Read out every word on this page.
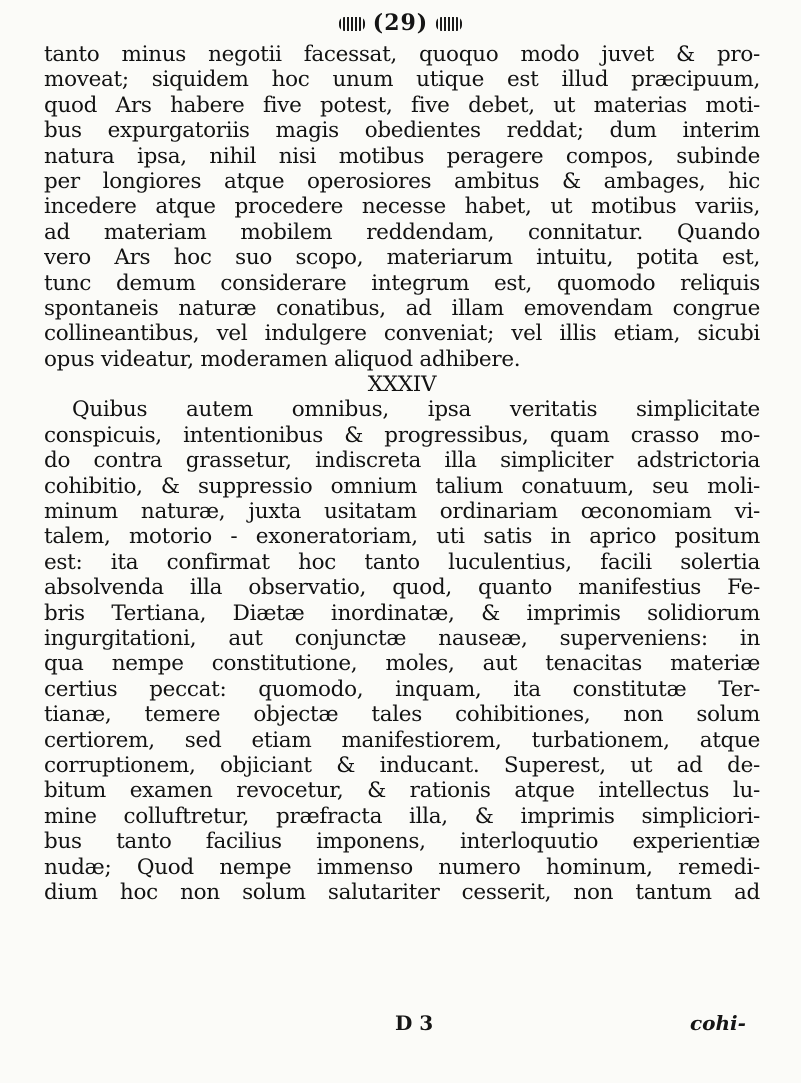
(29)
tanto minus negotii facessat, quoquo modo juvet & pro-
moveat; siquidem hoc unum utique est illud præcipuum,
quod Ars habere five potest, five debet, ut materias moti-
bus expurgatoriis magis obedientes reddat; dum interim
natura ipsa, nihil nisi motibus peragere compos, subinde
per longiores atque operosiores ambitus & ambages, hic
incedere atque procedere necesse habet, ut motibus variis,
ad materiam mobilem reddendam, connitatur. Quando
vero Ars hoc suo scopo, materiarum intuitu, potita est,
tunc demum considerare integrum est, quomodo reliquis
spontaneis naturæ conatibus, ad illam emovendam congrue
collineantibus, vel indulgere conveniat; vel illis etiam, sicubi
opus videatur, moderamen aliquod adhibere.
XXXIV
Quibus autem omnibus, ipsa veritatis simplicitate
conspicuis, intentionibus & progressibus, quam crasso mo-
do contra grassetur, indiscreta illa simpliciter adstrictoria
cohibitio, & suppressio omnium talium conatuum, seu moli-
minum naturæ, juxta usitatam ordinariam œconomiam vi-
talem, motorio - exoneratoriam, uti satis in aprico positum
est: ita confirmat hoc tanto luculentius, facili solertia
absolvenda illa observatio, quod, quanto manifestius Fe-
bris Tertiana, Diætæ inordinatæ, & imprimis solidiorum
ingurgitationi, aut conjunctæ nauseæ, superveniens: in
qua nempe constitutione, moles, aut tenacitas materiæ
certius peccat: quomodo, inquam, ita constitutæ Ter-
tianæ, temere objectæ tales cohibitiones, non solum
certiorem, sed etiam manifestiorem, turbationem, atque
corruptionem, objiciant & inducant. Superest, ut ad de-
bitum examen revocetur, & rationis atque intellectus lu-
mine colluftretur, præfracta illa, & imprimis simpliciori-
bus tanto facilius imponens, interloquutio experientiæ
nudæ; Quod nempe immenso numero hominum, remedi-
dium hoc non solum salutariter cesserit, non tantum ad
D 3	cohi-
